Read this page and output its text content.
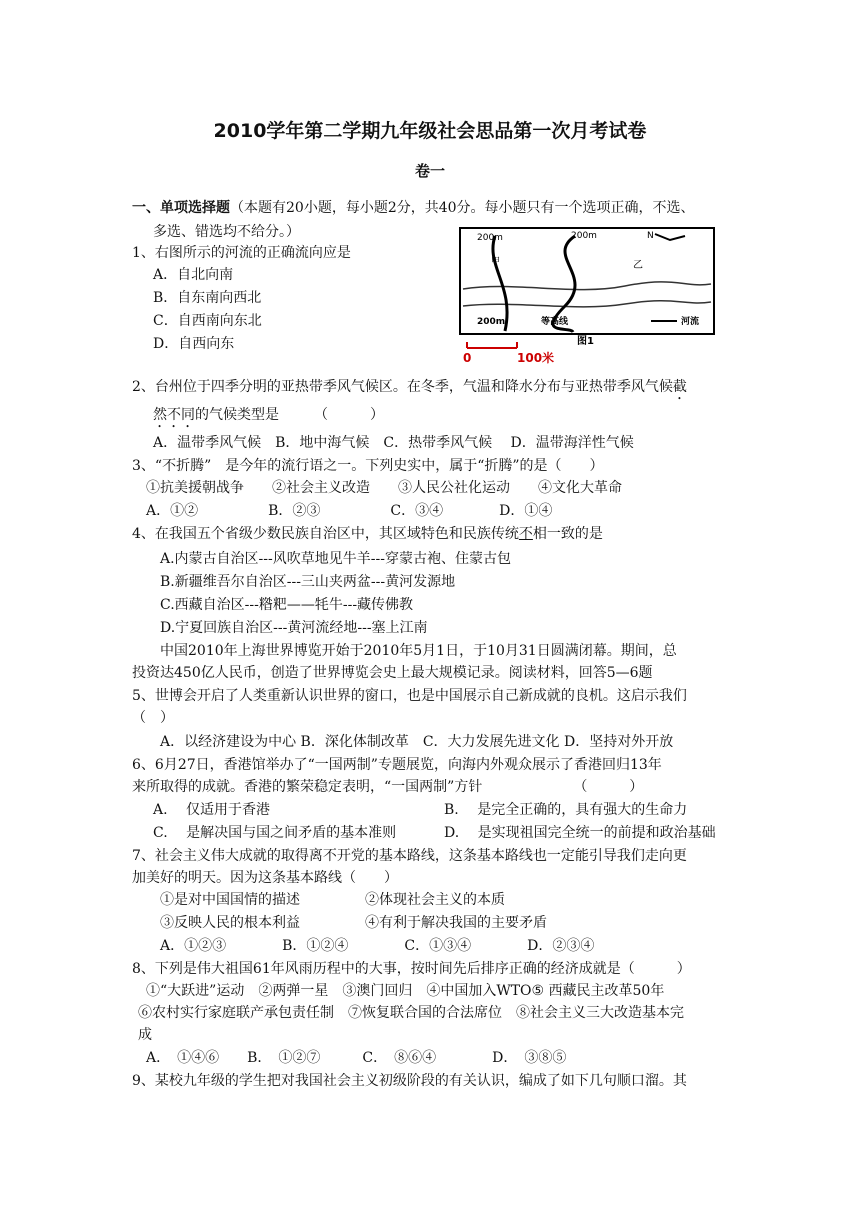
2010学年第二学期九年级社会思品第一次月考试卷
卷一
一、单项选择题（本题有20小题，每小题2分，共40分。每小题只有一个选项正确，不选、
多选、错选均不给分。）	200m	200m	N
甲	乙
200m	等高线	河流
图1
0	100米
1、右图所示的河流的正确流向应是
A．自北向南
B．自东南向西北
C．自西南向东北
D．自西向东
2、台州位于四季分明的亚热带季风气候区。在冬季，气温和降水分布与亚热带季风气候截
然不同的气候类型是　　　（　　　）
A．温带季风气候　B．地中海气候　C．热带季风气候　 D．温带海洋性气候
3、“不折腾”　是今年的流行语之一。下列史实中，属于“折腾”的是（　　）
①抗美援朝战争　　②社会主义改造　　③人民公社化运动　　④文化大革命
A．①②　　　　　B．②③　　　　　C．③④　　　　D．①④
4、在我国五个省级少数民族自治区中，其区域特色和民族传统不相一致的是
A.内蒙古自治区---风吹草地见牛羊---穿蒙古袍、住蒙古包
B.新疆维吾尔自治区---三山夹两盆---黄河发源地
C.西藏自治区---糌粑——牦牛---藏传佛教
D.宁夏回族自治区---黄河流经地---塞上江南
中国2010年上海世界博览开始于2010年5月1日，于10月31日圆满闭幕。期间，总
投资达450亿人民币，创造了世界博览会史上最大规模记录。阅读材料，回答5—6题
5、世博会开启了人类重新认识世界的窗口，也是中国展示自己新成就的良机。这启示我们
（　）
A．以经济建设为中心 B．深化体制改革　C．大力发展先进文化 D．坚持对外开放
6、6月27日，香港馆举办了“一国两制”专题展览，向海内外观众展示了香港回归13年
来所取得的成就。香港的繁荣稳定表明，“一国两制”方针　　　　　　　（　　　）
A.　 仅适用于香港	B.　 是完全正确的，具有强大的生命力
C.　 是解决国与国之间矛盾的基本准则	D.　 是实现祖国完全统一的前提和政治基础
7、社会主义伟大成就的取得离不开党的基本路线，这条基本路线也一定能引导我们走向更
加美好的明天。因为这条基本路线（　　）
①是对中国国情的描述	②体现社会主义的本质
③反映人民的根本利益	④有利于解决我国的主要矛盾
A．①②③　　　　B．①②④　　　　C．①③④　　　　D．②③④
8、下列是伟大祖国61年风雨历程中的大事，按时间先后排序正确的经济成就是（　　　）
①“大跃进”运动　②两弹一星　③澳门回归　④中国加入WTO⑤ 西藏民主改革50年
⑥农村实行家庭联产承包责任制　⑦恢复联合国的合法席位　⑧社会主义三大改造基本完
成
A．　①④⑥　　B．　①②⑦　　　C．　⑧⑥④　　　　D．　③⑧⑤
9、某校九年级的学生把对我国社会主义初级阶段的有关认识，编成了如下几句顺口溜。其
